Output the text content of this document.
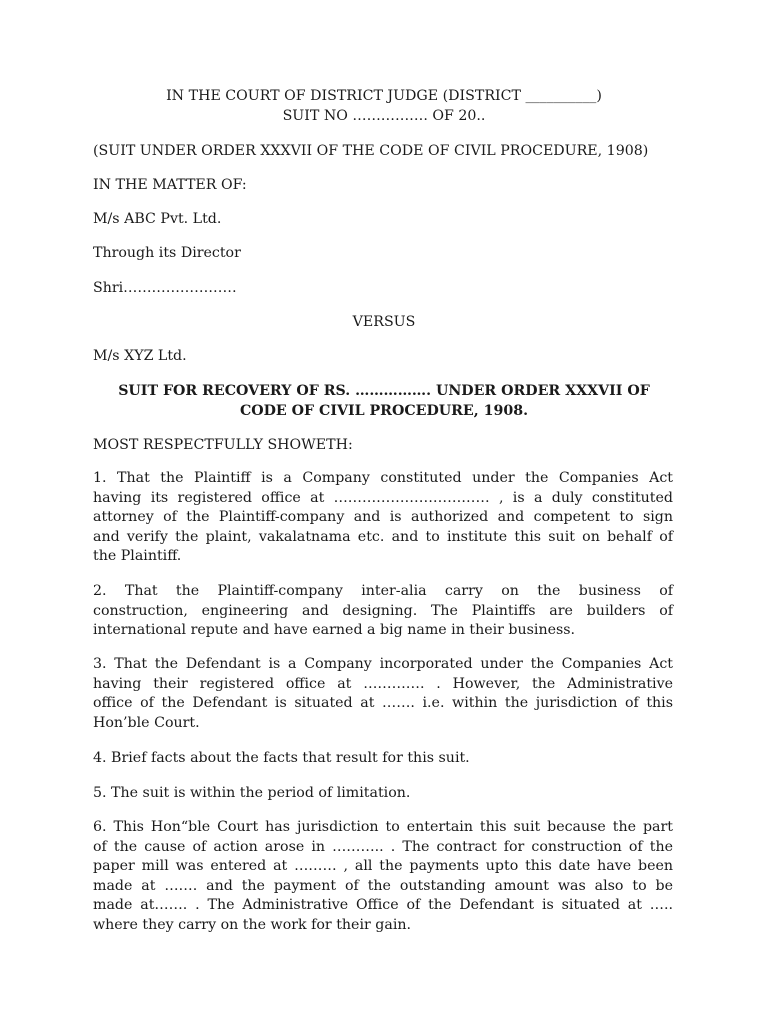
IN THE COURT OF DISTRICT JUDGE (DISTRICT __________)
SUIT NO ……………. OF 20..
(SUIT UNDER ORDER XXXVII OF THE CODE OF CIVIL PROCEDURE, 1908)
IN THE MATTER OF:
M/s ABC Pvt. Ltd.
Through its Director
Shri……………………
VERSUS
M/s XYZ Ltd.
SUIT FOR RECOVERY OF RS. ……………. UNDER ORDER XXXVII OF
CODE OF CIVIL PROCEDURE, 1908.
MOST RESPECTFULLY SHOWETH:
1. That the Plaintiff is a Company constituted under the Companies Act
having its registered office at …………………………… , is a duly constituted
attorney of the Plaintiff-company and is authorized and competent to sign
and verify the plaint, vakalatnama etc. and to institute this suit on behalf of
the Plaintiff.
2. That the Plaintiff-company inter-alia carry on the business of
construction, engineering and designing. The Plaintiffs are builders of
international repute and have earned a big name in their business.
3. That the Defendant is a Company incorporated under the Companies Act
having their registered office at …………. . However, the Administrative
office of the Defendant is situated at ……. i.e. within the jurisdiction of this
Hon’ble Court.
4. Brief facts about the facts that result for this suit.
5. The suit is within the period of limitation.
6. This Hon“ble Court has jurisdiction to entertain this suit because the part
of the cause of action arose in ……….. . The contract for construction of the
paper mill was entered at ……… , all the payments upto this date have been
made at ……. and the payment of the outstanding amount was also to be
made at……. . The Administrative Office of the Defendant is situated at …..
where they carry on the work for their gain.
